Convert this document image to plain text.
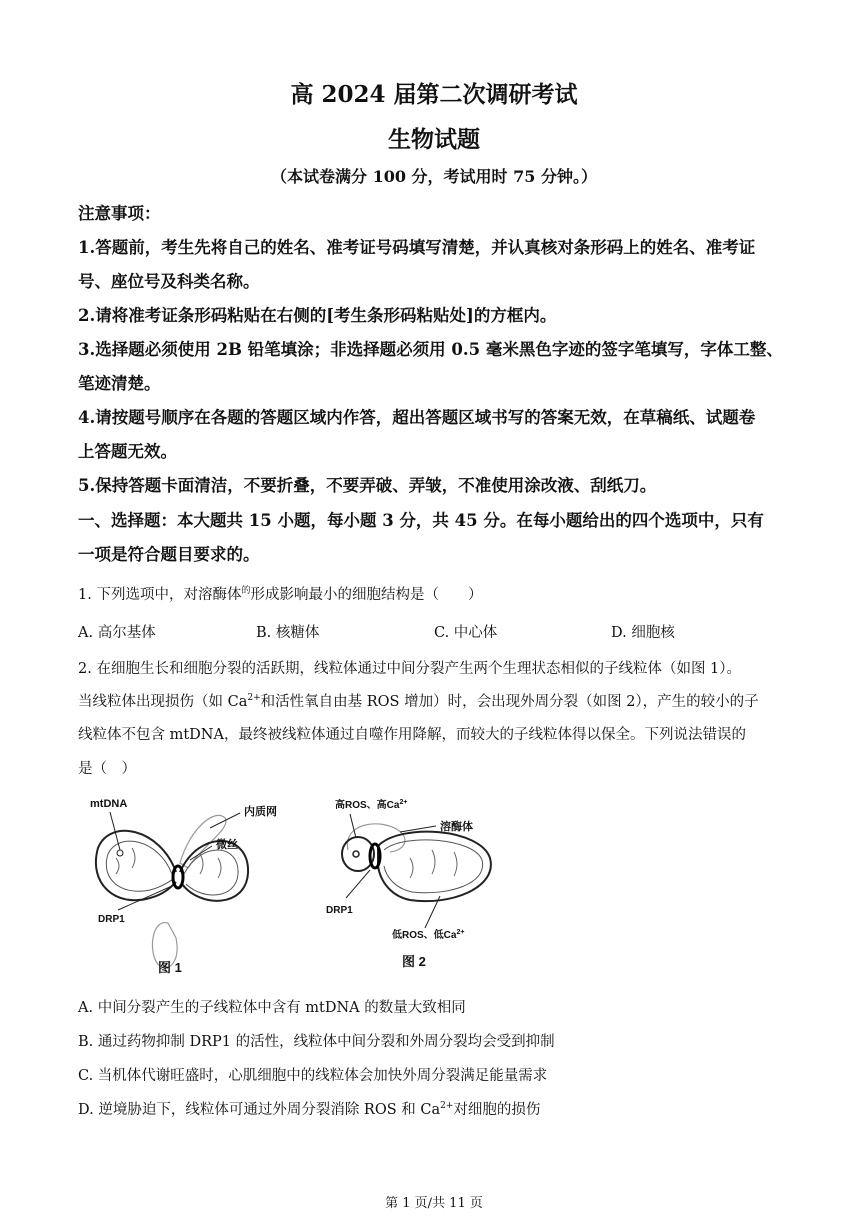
高 2024 届第二次调研考试
生物试题
（本试卷满分 100 分，考试用时 75 分钟。）
注意事项：
1.答题前，考生先将自己的姓名、准考证号码填写清楚，并认真核对条形码上的姓名、准考证
号、座位号及科类名称。
2.请将准考证条形码粘贴在右侧的[考生条形码粘贴处]的方框内。
3.选择题必须使用 2B 铅笔填涂；非选择题必须用 0.5 毫米黑色字迹的签字笔填写，字体工整、
笔迹清楚。
4.请按题号顺序在各题的答题区域内作答，超出答题区域书写的答案无效，在草稿纸、试题卷
上答题无效。
5.保持答题卡面清洁，不要折叠，不要弄破、弄皱，不准使用涂改液、刮纸刀。
一、选择题：本大题共 15 小题，每小题 3 分，共 45 分。在每小题给出的四个选项中，只有
一项是符合题目要求的。
1. 下列选项中，对溶酶体$^的$形成影响最小的细胞结构是（　　）
A. 高尔基体	B. 核糖体	C. 中心体	D. 细胞核
2. 在细胞生长和细胞分裂的活跃期，线粒体通过中间分裂产生两个生理状态相似的子线粒体（如图 1）。
当线粒体出现损伤（如 $Ca^{2+}$和活性氧自由基 ROS 增加）时，会出现外周分裂（如图 2），产生的较小的子
线粒体不包含 mtDNA，最终被线粒体通过自噬作用降解，而较大的子线粒体得以保全。下列说法错误的
是（　）
mtDNA
内质网
微丝
DRP1
图 1
高ROS、高$Ca^{2+}$
溶酶体
DRP1
低ROS、低$Ca^{2+}$
图 2
A. 中间分裂产生的子线粒体中含有 mtDNA 的数量大致相同
B. 通过药物抑制 DRP1 的活性，线粒体中间分裂和外周分裂均会受到抑制
C. 当机体代谢旺盛时，心肌细胞中的线粒体会加快外周分裂满足能量需求
D. 逆境胁迫下，线粒体可通过外周分裂消除 ROS 和 $Ca^{2+}$对细胞的损伤
第 1 页/共 11 页
